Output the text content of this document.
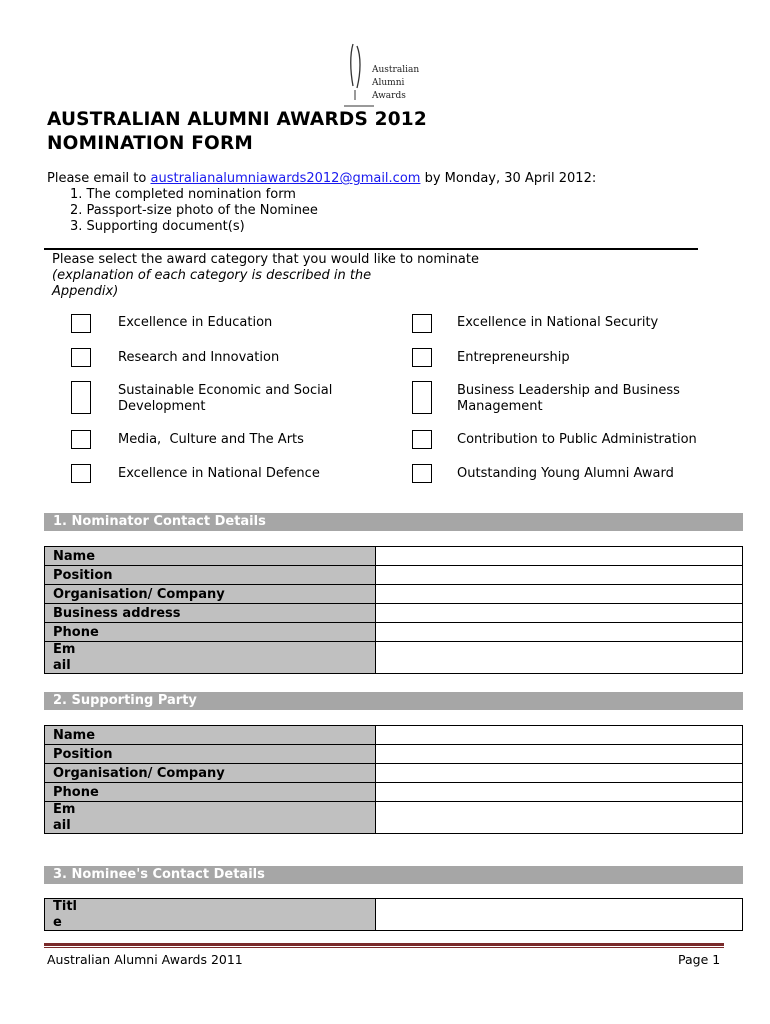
Australian
Alumni
Awards
AUSTRALIAN ALUMNI AWARDS 2012
NOMINATION FORM
Please email to australianalumniawards2012@gmail.com by Monday, 30 April 2012:
1. The completed nomination form
2. Passport-size photo of the Nominee
3. Supporting document(s)
Please select the award category that you would like to nominate
(explanation of each category is described in the Appendix)
Excellence in Education
Research and Innovation
Sustainable Economic and Social Development
Media,  Culture and The Arts
Excellence in National Defence
Excellence in National Security
Entrepreneurship
Business Leadership and Business Management
Contribution to Public Administration
Outstanding Young Alumni Award
1. Nominator Contact Details
Name
Position
Organisation/ Company
Business address
Phone
Em
ail
2. Supporting Party
Name
Position
Organisation/ Company
Phone
Em
ail
3. Nominee's Contact Details
Titl
e
Australian Alumni Awards 2011	Page 1
